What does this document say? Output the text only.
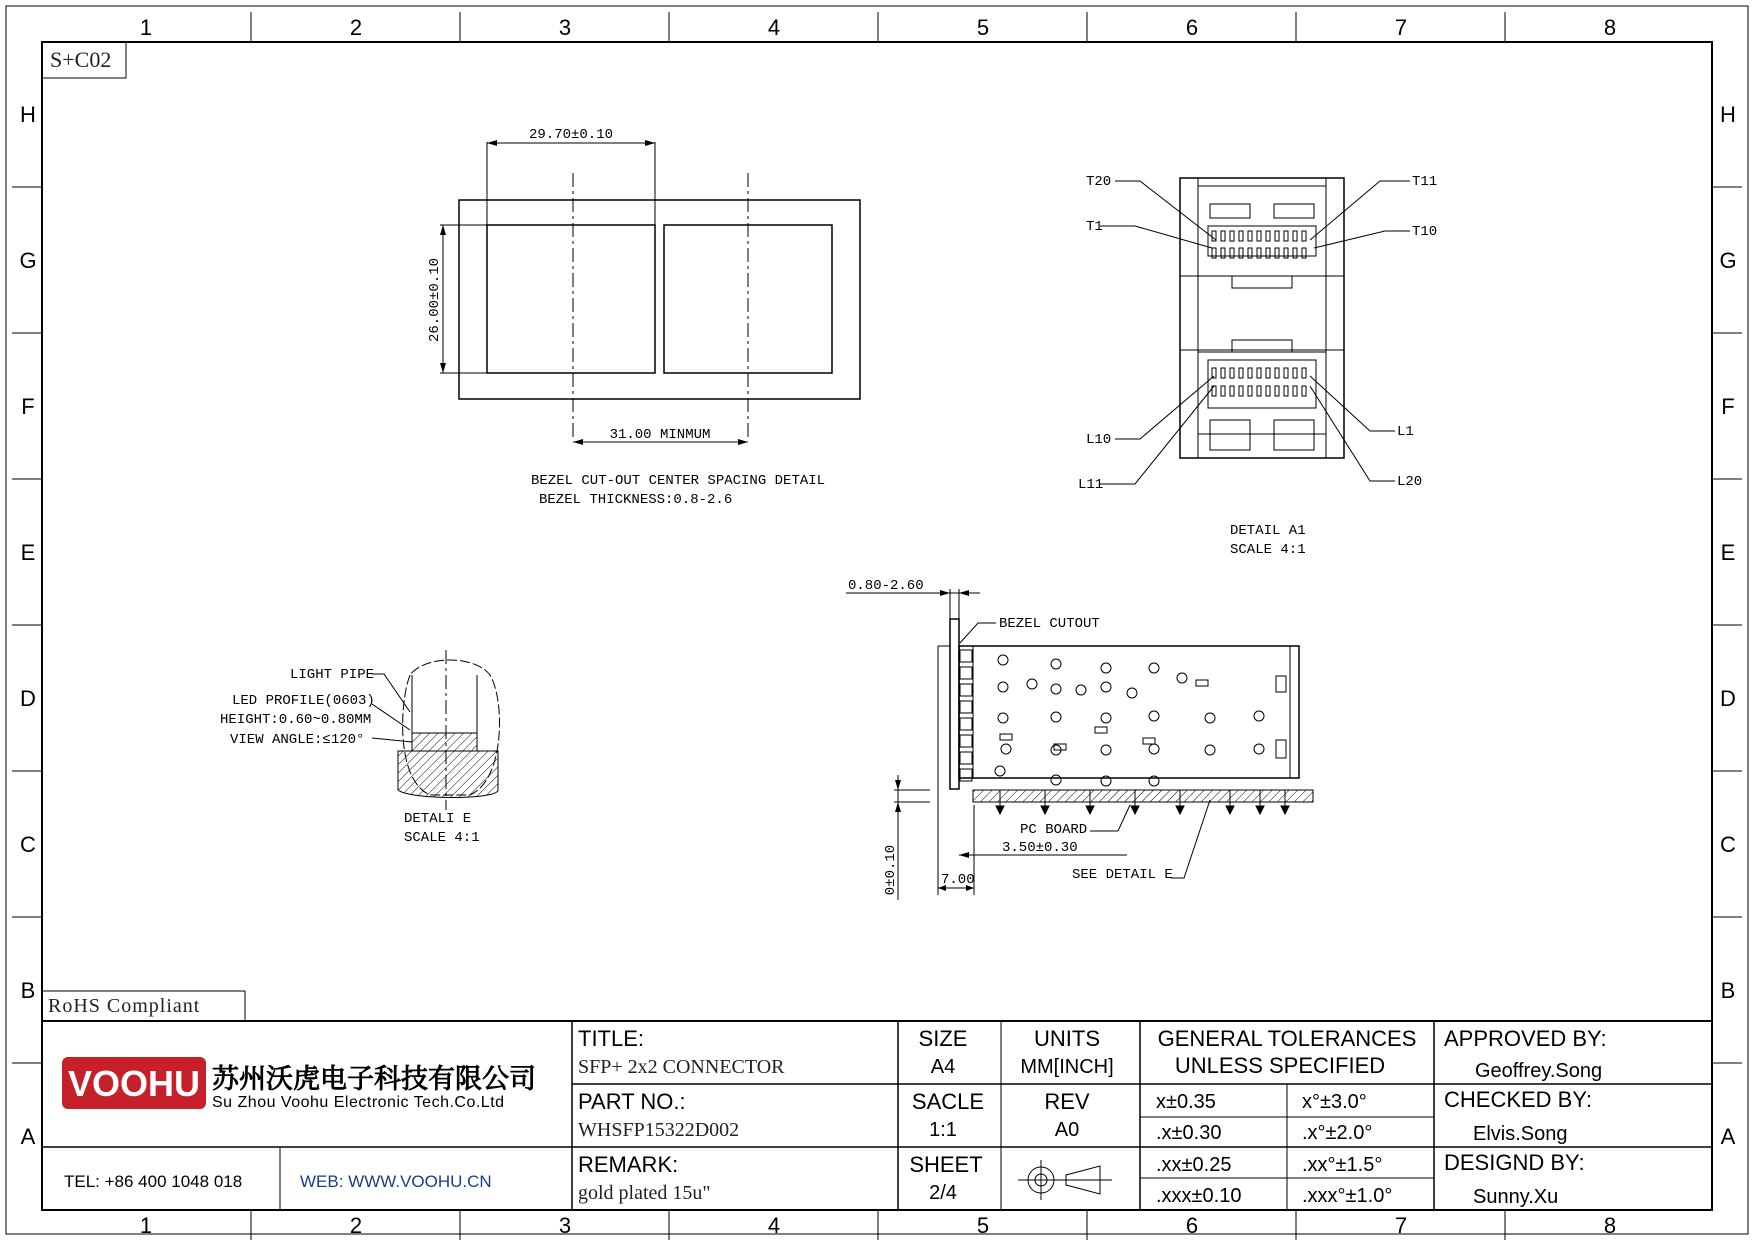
1	2	3	4	5	6	7	8
1	2	3	4	5	6	7	8
H
G
F
E
D
C
B
A
H
G
F
E
D
C
B
A
S+C02
29.70±0.10
26.00±0.10
31.00 MINMUM
BEZEL CUT-OUT CENTER SPACING DETAIL
BEZEL THICKNESS:0.8-2.6
T20
T1
T11
T10
L10
L11
L1
L20
DETAIL A1
SCALE 4:1
LIGHT PIPE
LED PROFILE(0603)
HEIGHT:0.60~0.80MM
VIEW ANGLE:≤120°
DETALI E
SCALE 4:1
0.80-2.60
BEZEL CUTOUT
PC BOARD
3.50±0.30
7.00
0±0.10	SEE DETAIL E
RoHS Compliant
VOOHU 苏州沃虎电子科技有限公司
Su Zhou Voohu Electronic Tech.Co.Ltd
TEL: +86 400 1048 018	WEB: WWW.VOOHU.CN
TITLE:
SFP+ 2x2 CONNECTOR
PART NO.:
WHSFP15322D002
REMARK:
gold plated 15u"
SIZE
A4
UNITS
MM[INCH]
SACLE
1:1
REV
A0
SHEET
2/4
GENERAL TOLERANCES
UNLESS SPECIFIED
x±0.35	x°±3.0°
.x±0.30	.x°±2.0°
.xx±0.25	.xx°±1.5°
.xxx±0.10	.xxx°±1.0°
APPROVED BY:
Geoffrey.Song
CHECKED BY:
Elvis.Song
DESIGND BY:
Sunny.Xu
